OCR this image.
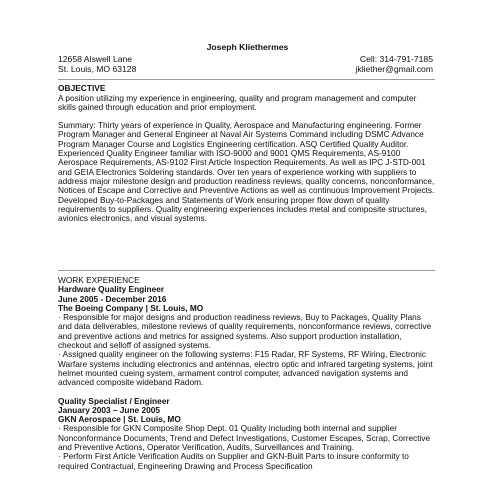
Joseph Kliethermes
12658 Alswell Lane
St. Louis, MO 63128
Cell: 314-791-7185
jkliether@gmail.com
OBJECTIVE

A position utilizing my experience in engineering, quality and program management and computer skills gained through education and prior employment.

Summary: Thirty years of experience in Quality, Aerospace and Manufacturing engineering. Former Program Manager and General Engineer at Naval Air Systems Command including DSMC Advance Program Manager Course and Logistics Engineering certification. ASQ Certified Quality Auditor. Experienced Quality Engineer familiar with ISO-9000 and 9001 QMS Requirements, AS-9100 Aerospace Requirements, AS-9102 First Article Inspection Requirements. As well as IPC J-STD-001 and GEIA Electronics Soldering standards. Over ten years of experience working with suppliers to address major milestone design and production readiness reviews, quality concerns, nonconformance, Notices of Escape and Corrective and Preventive Actions as well as continuous Improvement Projects. Developed Buy-to-Packages and Statements of Work ensuring proper flow down of quality requirements to suppliers. Quality engineering experiences includes metal and composite structures, avionics electronics, and visual systems.

WORK EXPERIENCE
Hardware Quality Engineer
June 2005 - December 2016
The Boeing Company | St. Louis, MO

· Responsible for major designs and production readiness reviews, Buy to Packages, Quality Plans and data deliverables, milestone reviews of quality requirements, nonconformance reviews, corrective and preventive actions and metrics for assigned systems. Also support production installation, checkout and selloff of assigned systems.

· Assigned quality engineer on the following systems: F15 Radar, RF Systems, RF Wiring, Electronic Warfare systems including electronics and antennas, electro optic and infrared targeting systems, joint helmet mounted cueing system, armament control computer, advanced navigation systems and advanced composite wideband Radom.

Quality Specialist / Engineer
January 2003 – June 2005
GKN Aerospace | St. Louis, MO

· Responsible for GKN Composite Shop Dept. 01 Quality including both internal and supplier Nonconformance Documents, Trend and Defect Investigations, Customer Escapes, Scrap, Corrective and Preventive Actions, Operator Verification, Audits, Surveillances and Training.

· Perform First Article Verification Audits on Supplier and GKN-Built Parts to insure conformity to required Contractual, Engineering Drawing and Process Specification
